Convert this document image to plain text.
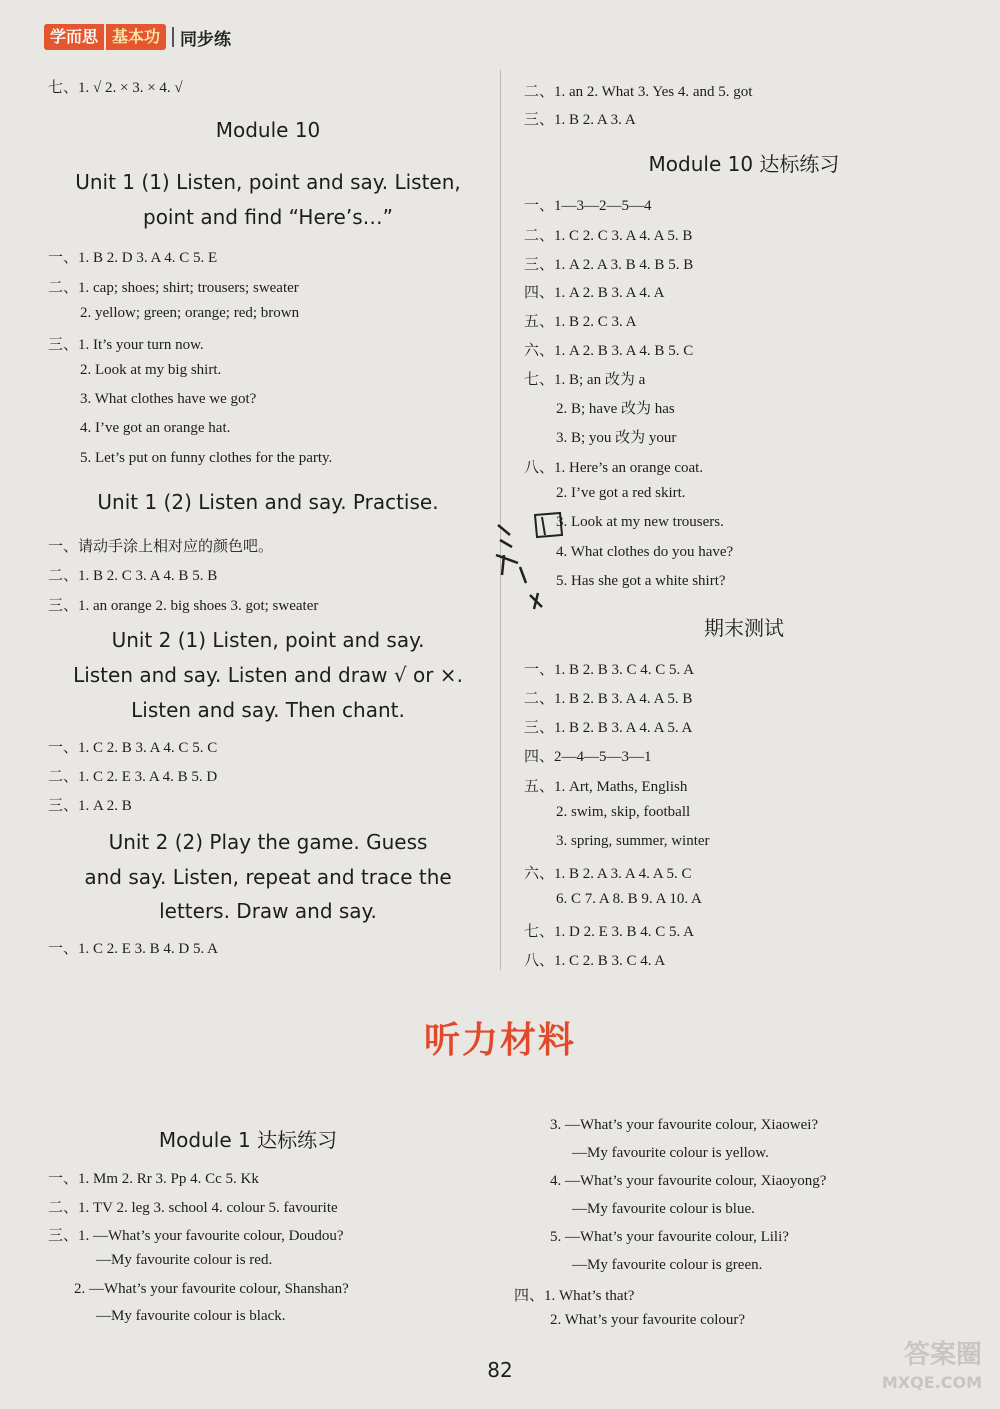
学而思 基本功	同步练
七、1. √ 2. × 3. × 4. √
Module 10
Unit 1 (1) Listen, point and say. Listen,
point and find “Here’s…”
一、1. B 2. D 3. A 4. C 5. E
二、1. cap; shoes; shirt; trousers; sweater
2. yellow; green; orange; red; brown
三、1. It’s your turn now.
2. Look at my big shirt.
3. What clothes have we got?
4. I’ve got an orange hat.
5. Let’s put on funny clothes for the party.
Unit 1 (2) Listen and say. Practise.
一、请动手涂上相对应的颜色吧。
二、1. B 2. C 3. A 4. B 5. B
三、1. an orange 2. big shoes 3. got; sweater
Unit 2 (1) Listen, point and say.
Listen and say. Listen and draw √ or ×.
Listen and say. Then chant.
一、1. C 2. B 3. A 4. C 5. C
二、1. C 2. E 3. A 4. B 5. D
三、1. A 2. B
Unit 2 (2) Play the game. Guess
and say. Listen, repeat and trace the
letters. Draw and say.
一、1. C 2. E 3. B 4. D 5. A
二、1. an 2. What 3. Yes 4. and 5. got
三、1. B 2. A 3. A
Module 10 达标练习
一、1—3—2—5—4
二、1. C 2. C 3. A 4. A 5. B
三、1. A 2. A 3. B 4. B 5. B
四、1. A 2. B 3. A 4. A
五、1. B 2. C 3. A
六、1. A 2. B 3. A 4. B 5. C
七、1. B; an 改为 a
2. B; have 改为 has
3. B; you 改为 your
八、1. Here’s an orange coat.
2. I’ve got a red skirt.
3. Look at my new trousers.
4. What clothes do you have?
5. Has she got a white shirt?
期末测试
一、1. B 2. B 3. C 4. C 5. A
二、1. B 2. B 3. A 4. A 5. B
三、1. B 2. B 3. A 4. A 5. A
四、2—4—5—3—1
五、1. Art, Maths, English
2. swim, skip, football
3. spring, summer, winter
六、1. B 2. A 3. A 4. A 5. C
6. C 7. A 8. B 9. A 10. A
七、1. D 2. E 3. B 4. C 5. A
八、1. C 2. B 3. C 4. A
听力材料
Module 1 达标练习
一、1. Mm 2. Rr 3. Pp 4. Cc 5. Kk
二、1. TV 2. leg 3. school 4. colour 5. favourite
三、1. —What’s your favourite colour, Doudou?
—My favourite colour is red.
2. —What’s your favourite colour, Shanshan?
—My favourite colour is black.
3. —What’s your favourite colour, Xiaowei?
—My favourite colour is yellow.
4. —What’s your favourite colour, Xiaoyong?
—My favourite colour is blue.
5. —What’s your favourite colour, Lili?
—My favourite colour is green.
四、1. What’s that?
2. What’s your favourite colour?
82	答案圈
MXQE.COM
